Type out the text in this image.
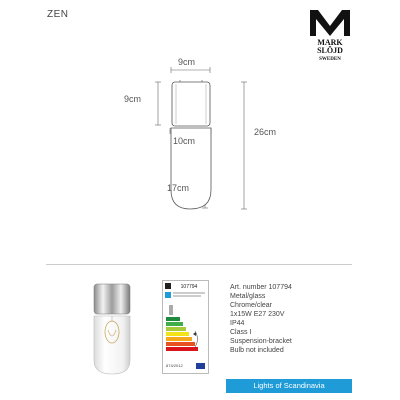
ZEN
MARK
SLÖJD
SWEDEN
9cm
9cm
26cm
10cm
17cm
107794
874/2012
Art. number 107794
Metal/glass
Chrome/clear
1x15W E27 230V
IP44
Class I
Suspension-bracket
Bulb not included
Lights of Scandinavia
